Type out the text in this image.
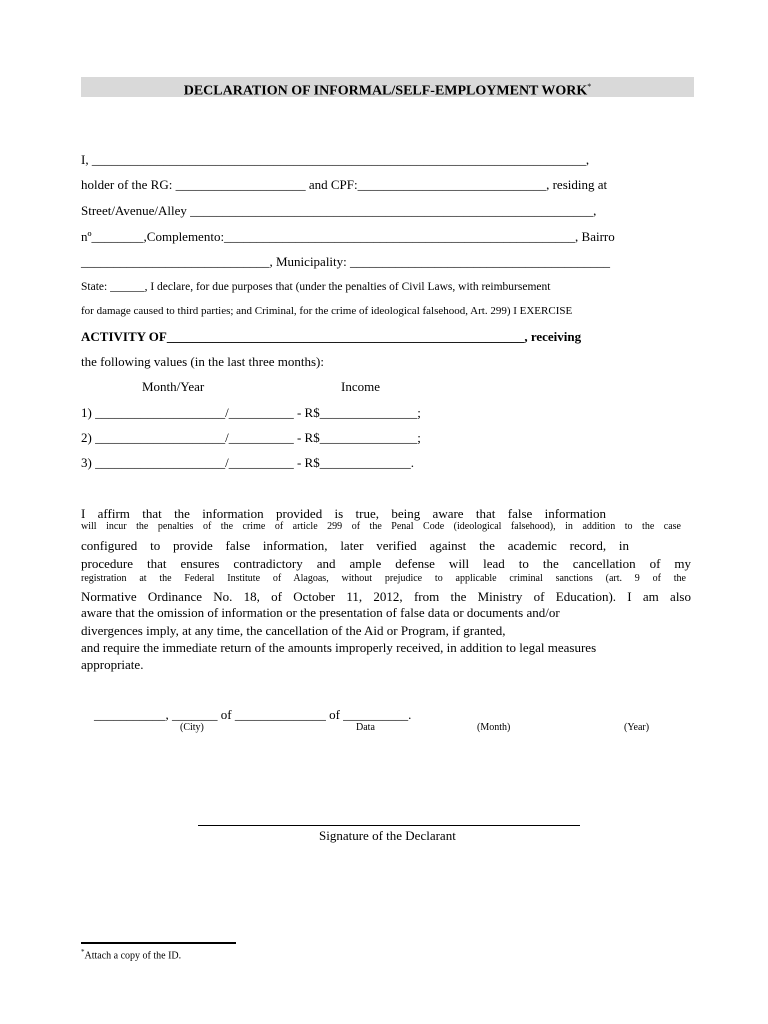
DECLARATION OF INFORMAL/SELF-EMPLOYMENT WORK*
I, ____________________________________________________________________________,
holder of the RG: ____________________ and CPF:_____________________________, residing at
Street/Avenue/Alley ______________________________________________________________,
nº________,Complemento:______________________________________________________, Bairro
_____________________________, Municipality: ________________________________________
State: ______, I declare, for due purposes that (under the penalties of Civil Laws, with reimbursement
for damage caused to third parties; and Criminal, for the crime of ideological falsehood, Art. 299) I EXERCISE
ACTIVITY OF_______________________________________________________, receiving
the following values (in the last three months):
Month/Year	Income
1) ____________________/__________ - R$_______________;
2) ____________________/__________ - R$_______________;
3) ____________________/__________ - R$______________.
I affirm that the information provided is true, being aware that false information
will incur the penalties of the crime of article 299 of the Penal Code (ideological falsehood), in addition to the case
configured to provide false information, later verified against the academic record, in
procedure that ensures contradictory and ample defense will lead to the cancellation of my
registration at the Federal Institute of Alagoas, without prejudice to applicable criminal sanctions (art. 9 of the
Normative Ordinance No. 18, of October 11, 2012, from the Ministry of Education). I am also
aware that the omission of information or the presentation of false data or documents and/or
divergences imply, at any time, the cancellation of the Aid or Program, if granted,
and require the immediate return of the amounts improperly received, in addition to legal measures
appropriate.
___________, _______ of ______________ of __________.
(City)	Data	(Month)	(Year)
Signature of the Declarant
*Attach a copy of the ID.
